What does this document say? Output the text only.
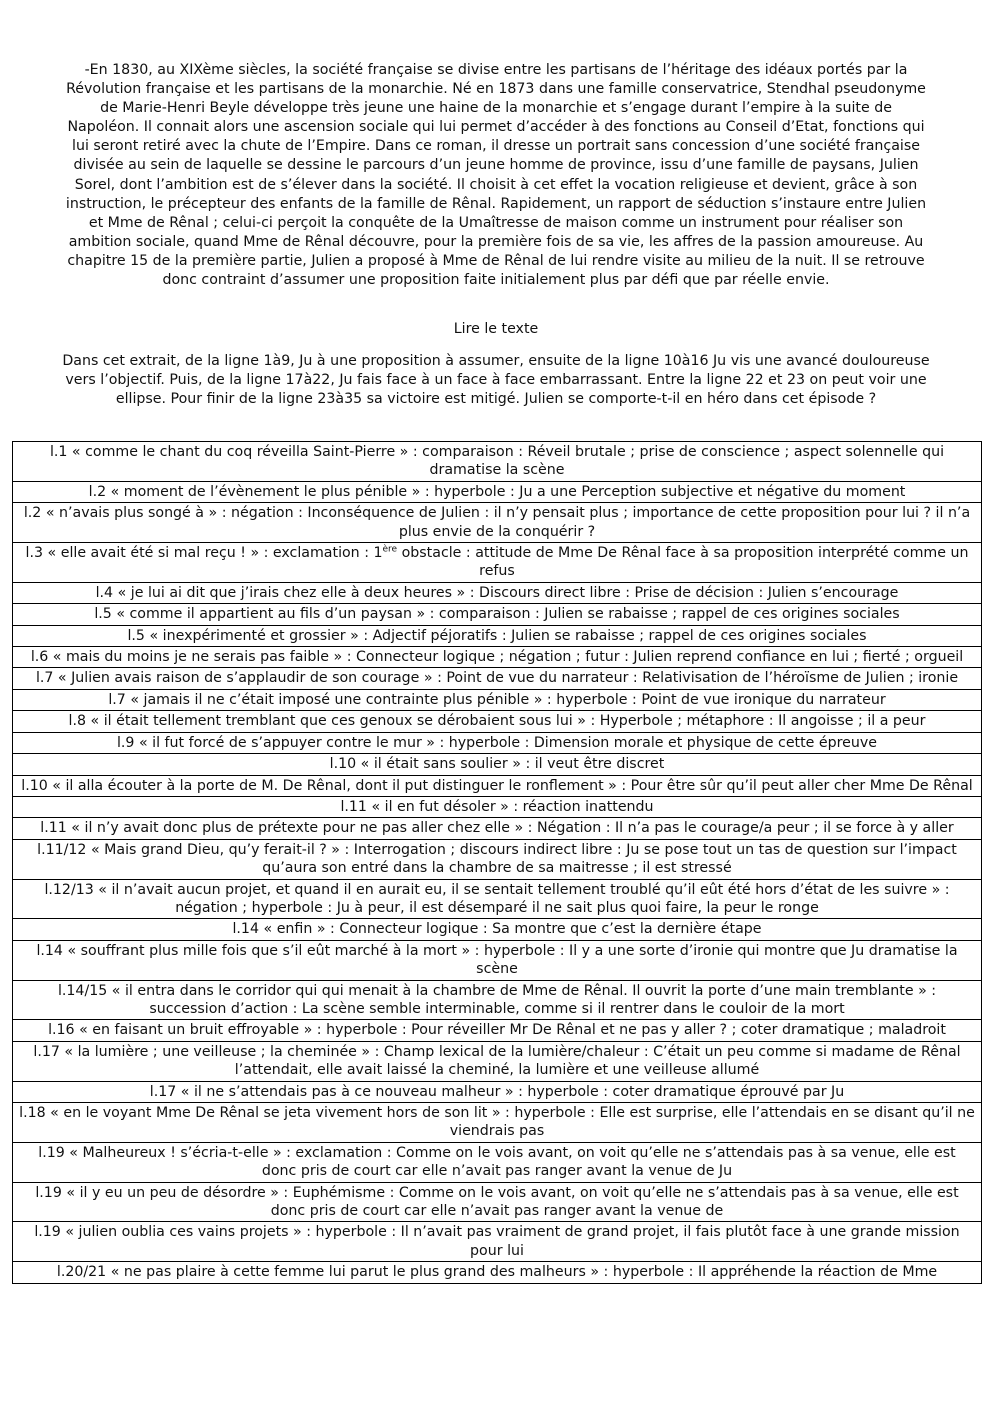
-En 1830, au XIXème siècles, la société française se divise entre les partisans de l’héritage des idéaux portés par la Révolution française et les partisans de la monarchie. Né en 1873 dans une famille conservatrice, Stendhal pseudonyme de Marie-Henri Beyle développe très jeune une haine de la monarchie et s’engage durant l’empire à la suite de Napoléon. Il connait alors une ascension sociale qui lui permet d’accéder à des fonctions au Conseil d’Etat, fonctions qui lui seront retiré avec la chute de l’Empire. Dans ce roman, il dresse un portrait sans concession d’une société française divisée au sein de laquelle se dessine le parcours d’un jeune homme de province, issu d’une famille de paysans, Julien Sorel, dont l’ambition est de s’élever dans la société. Il choisit à cet effet la vocation religieuse et devient, grâce à son instruction, le précepteur des enfants de la famille de Rênal. Rapidement, un rapport de séduction s’instaure entre Julien et Mme de Rênal ; celui-ci perçoit la conquête de la Umaîtresse de maison comme un instrument pour réaliser son ambition sociale, quand Mme de Rênal découvre, pour la première fois de sa vie, les affres de la passion amoureuse. Au chapitre 15 de la première partie, Julien a proposé à Mme de Rênal de lui rendre visite au milieu de la nuit. Il se retrouve donc contraint d’assumer une proposition faite initialement plus par défi que par réelle envie.

Lire le texte

Dans cet extrait, de la ligne 1à9, Ju à une proposition à assumer, ensuite de la ligne 10à16 Ju vis une avancé douloureuse vers l’objectif. Puis, de la ligne 17à22, Ju fais face à un face à face embarrassant. Entre la ligne 22 et 23 on peut voir une ellipse. Pour finir de la ligne 23à35 sa victoire est mitigé. Julien se comporte-t-il en héro dans cet épisode ?

l.1 « comme le chant du coq réveilla Saint-Pierre » : comparaison : Réveil brutale ; prise de conscience ; aspect solennelle qui dramatise la scène
l.2 « moment de l’évènement le plus pénible » : hyperbole : Ju a une Perception subjective et négative du moment
l.2 « n’avais plus songé à » : négation : Inconséquence de Julien : il n’y pensait plus ; importance de cette proposition pour lui ? il n’a plus envie de la conquérir ?
l.3 « elle avait été si mal reçu ! » : exclamation : 1ère obstacle : attitude de Mme De Rênal face à sa proposition interprété comme un refus
l.4 « je lui ai dit que j’irais chez elle à deux heures » : Discours direct libre : Prise de décision : Julien s’encourage
l.5 « comme il appartient au fils d’un paysan » : comparaison : Julien se rabaisse ; rappel de ces origines sociales
l.5 « inexpérimenté et grossier » : Adjectif péjoratifs : Julien se rabaisse ; rappel de ces origines sociales
l.6 « mais du moins je ne serais pas faible » : Connecteur logique ; négation ; futur : Julien reprend confiance en lui ; fierté ; orgueil
l.7 « Julien avais raison de s’applaudir de son courage » : Point de vue du narrateur : Relativisation de l’héroïsme de Julien ; ironie
l.7 « jamais il ne c’était imposé une contrainte plus pénible » : hyperbole : Point de vue ironique du narrateur
l.8 « il était tellement tremblant que ces genoux se dérobaient sous lui » : Hyperbole ; métaphore : Il angoisse ; il a peur
l.9 « il fut forcé de s’appuyer contre le mur » : hyperbole : Dimension morale et physique de cette épreuve
l.10 « il était sans soulier » : il veut être discret
l.10 « il alla écouter à la porte de M. De Rênal, dont il put distinguer le ronflement » : Pour être sûr qu’il peut aller cher Mme De Rênal
l.11 « il en fut désoler » : réaction inattendu
l.11 « il n’y avait donc plus de prétexte pour ne pas aller chez elle » : Négation : Il n’a pas le courage/a peur ; il se force à y aller
l.11/12 « Mais grand Dieu, qu’y ferait-il ? » : Interrogation ; discours indirect libre : Ju se pose tout un tas de question sur l’impact qu’aura son entré dans la chambre de sa maitresse ; il est stressé
l.12/13 « il n’avait aucun projet, et quand il en aurait eu, il se sentait tellement troublé qu’il eût été hors d’état de les suivre » : négation ; hyperbole : Ju à peur, il est désemparé il ne sait plus quoi faire, la peur le ronge
l.14 « enfin » : Connecteur logique : Sa montre que c’est la dernière étape
l.14 « souffrant plus mille fois que s’il eût marché à la mort » : hyperbole : Il y a une sorte d’ironie qui montre que Ju dramatise la scène
l.14/15 « il entra dans le corridor qui qui menait à la chambre de Mme de Rênal. Il ouvrit la porte d’une main tremblante » : succession d’action : La scène semble interminable, comme si il rentrer dans le couloir de la mort
l.16 « en faisant un bruit effroyable » : hyperbole : Pour réveiller Mr De Rênal et ne pas y aller ? ; coter dramatique ; maladroit
l.17 « la lumière ; une veilleuse ; la cheminée » : Champ lexical de la lumière/chaleur : C’était un peu comme si madame de Rênal l’attendait, elle avait laissé la cheminé, la lumière et une veilleuse allumé
l.17 « il ne s’attendais pas à ce nouveau malheur » : hyperbole : coter dramatique éprouvé par Ju
l.18 « en le voyant Mme De Rênal se jeta vivement hors de son lit » : hyperbole : Elle est surprise, elle l’attendais en se disant qu’il ne viendrais pas
l.19 « Malheureux ! s’écria-t-elle » : exclamation : Comme on le vois avant, on voit qu’elle ne s’attendais pas à sa venue, elle est donc pris de court car elle n’avait pas ranger avant la venue de Ju
l.19 « il y eu un peu de désordre » : Euphémisme : Comme on le vois avant, on voit qu’elle ne s’attendais pas à sa venue, elle est donc pris de court car elle n’avait pas ranger avant la venue de
l.19 « julien oublia ces vains projets » : hyperbole : Il n’avait pas vraiment de grand projet, il fais plutôt face à une grande mission pour lui
l.20/21 « ne pas plaire à cette femme lui parut le plus grand des malheurs » : hyperbole : Il appréhende la réaction de Mme
